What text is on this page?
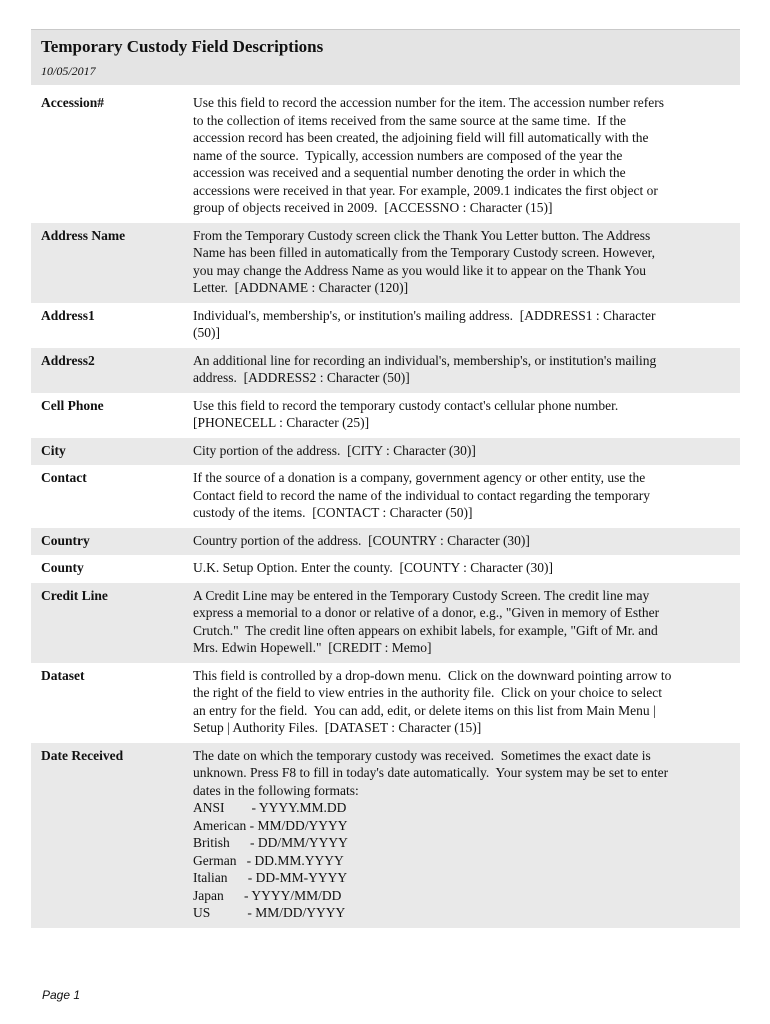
Temporary Custody Field Descriptions
10/05/2017
Accession#	Use this field to record the accession number for the item. The accession number refers
to the collection of items received from the same source at the same time.  If the
accession record has been created, the adjoining field will fill automatically with the
name of the source.  Typically, accession numbers are composed of the year the
accession was received and a sequential number denoting the order in which the
accessions were received in that year. For example, 2009.1 indicates the first object or
group of objects received in 2009.  [ACCESSNO : Character (15)]
Address Name	From the Temporary Custody screen click the Thank You Letter button. The Address
Name has been filled in automatically from the Temporary Custody screen. However,
you may change the Address Name as you would like it to appear on the Thank You
Letter.  [ADDNAME : Character (120)]
Address1	Individual's, membership's, or institution's mailing address.  [ADDRESS1 : Character
(50)]
Address2	An additional line for recording an individual's, membership's, or institution's mailing
address.  [ADDRESS2 : Character (50)]
Cell Phone	Use this field to record the temporary custody contact's cellular phone number.
[PHONECELL : Character (25)]
City	City portion of the address.  [CITY : Character (30)]
Contact	If the source of a donation is a company, government agency or other entity, use the
Contact field to record the name of the individual to contact regarding the temporary
custody of the items.  [CONTACT : Character (50)]
Country	Country portion of the address.  [COUNTRY : Character (30)]
County	U.K. Setup Option. Enter the county.  [COUNTY : Character (30)]
Credit Line	A Credit Line may be entered in the Temporary Custody Screen. The credit line may
express a memorial to a donor or relative of a donor, e.g., "Given in memory of Esther
Crutch."  The credit line often appears on exhibit labels, for example, "Gift of Mr. and
Mrs. Edwin Hopewell."  [CREDIT : Memo]
Dataset	This field is controlled by a drop-down menu.  Click on the downward pointing arrow to
the right of the field to view entries in the authority file.  Click on your choice to select
an entry for the field.  You can add, edit, or delete items on this list from Main Menu |
Setup | Authority Files.  [DATASET : Character (15)]
Date Received	The date on which the temporary custody was received.  Sometimes the exact date is
unknown. Press F8 to fill in today's date automatically.  Your system may be set to enter
dates in the following formats:
ANSI        - YYYY.MM.DD
American - MM/DD/YYYY
British      - DD/MM/YYYY
German   - DD.MM.YYYY
Italian      - DD-MM-YYYY
Japan      - YYYY/MM/DD
US           - MM/DD/YYYY
Page 1
